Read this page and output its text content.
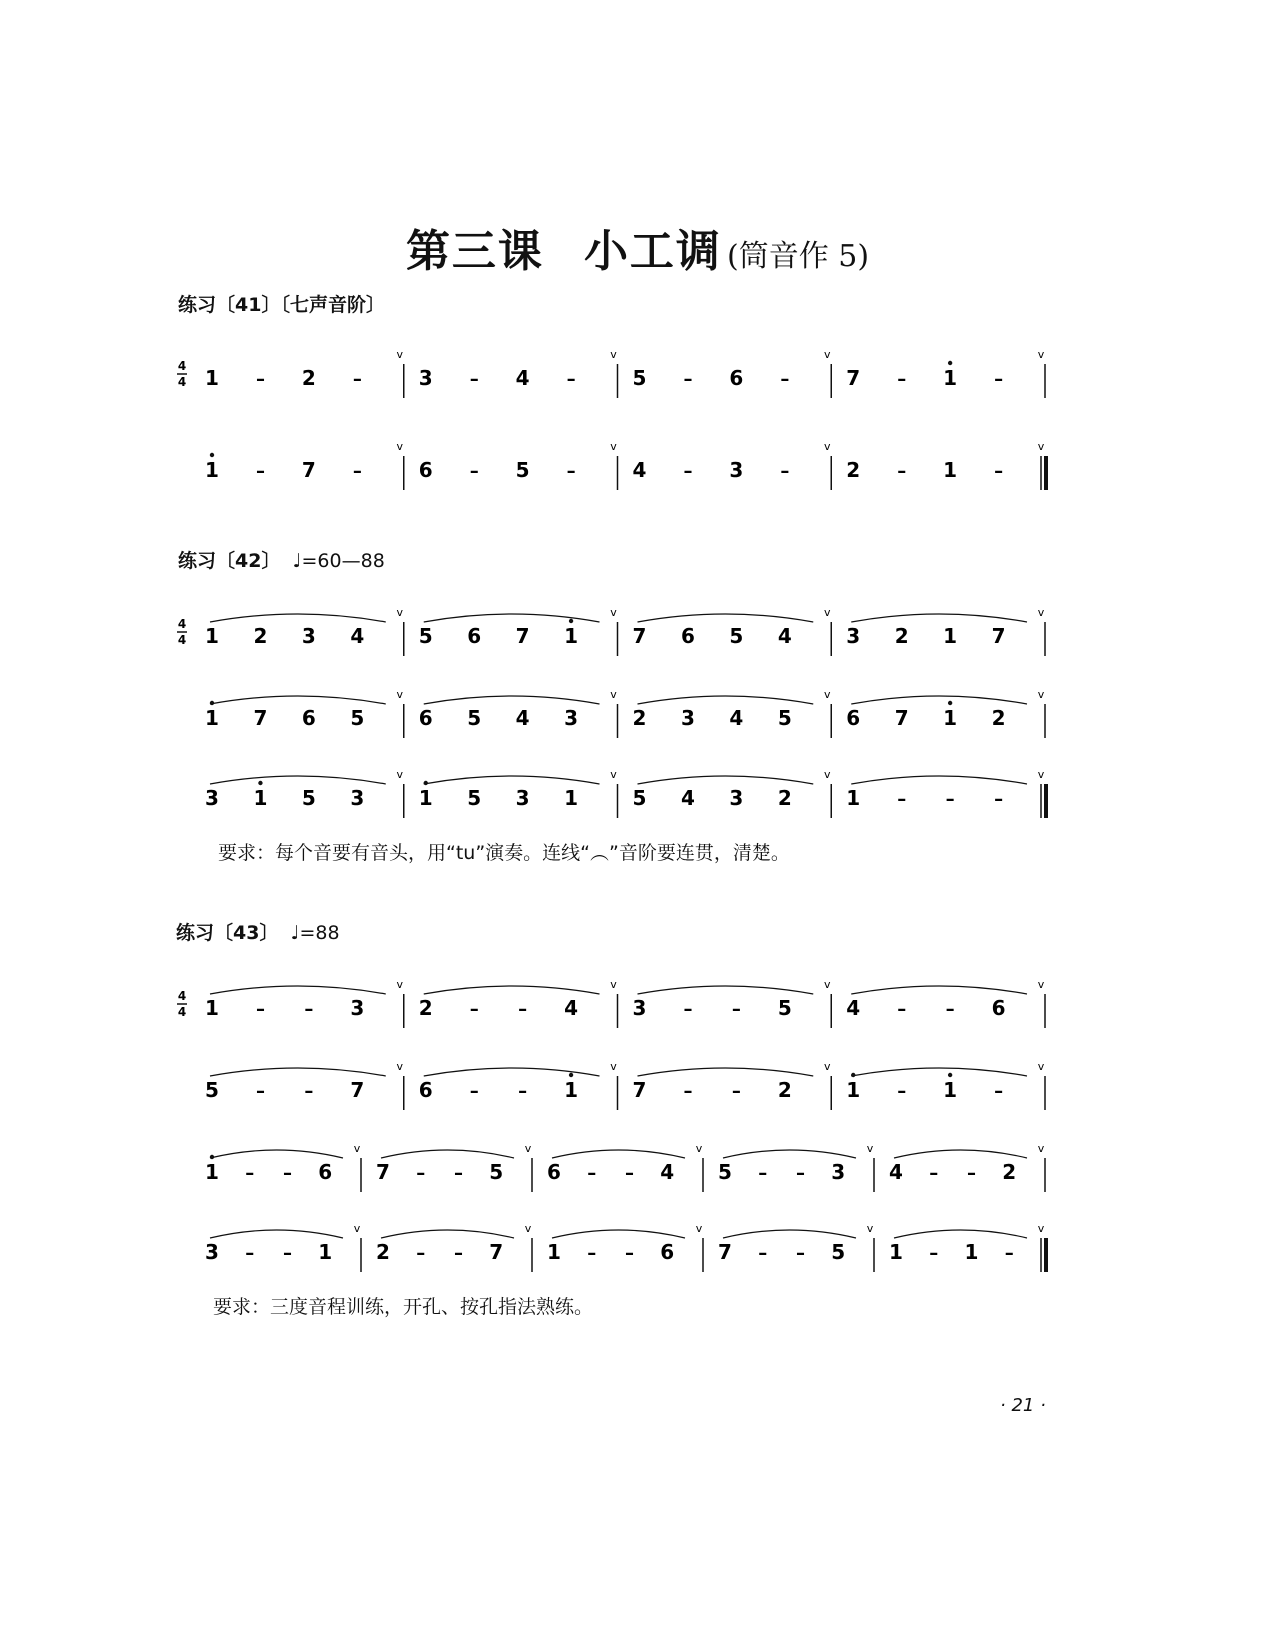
第三课 小工调 (筒音作 5)
练习〔41〕〔七声音阶〕
练习〔42〕 ♩=60—88
要求：每个音要有音头，用“tu”演奏。连线“︵”音阶要连贯，清楚。
练习〔43〕 ♩=88
要求：三度音程训练，开孔、按孔指法熟练。
· 21 ·
4
4 1 – 2 –
v
3 – 4 –
v
5 – 6 –
v
7 – 1 –
v
1 – 7 –
v
6 – 5 –
v
4 – 3 –
v
2 – 1 –
v
4
4 1 2 3 4
v
5 6 7 1
v
7 6 5 4
v
3 2 1 7
v
1 7 6 5
v
6 5 4 3
v
2 3 4 5
v
6 7 1 2
v
3 1 5 3
v
1 5 3 1
v
5 4 3 2
v
1 – – –
v
4
4 1 – – 3
v
2 – – 4
v
3 – – 5
v
4 – – 6
v
5 – – 7
v
6 – – 1
v
7 – – 2
v
1 – 1 –
v
1 – – 6
v
7 – – 5
v
6 – – 4
v
5 – – 3
v
4 – – 2
v
3 – – 1
v
2 – – 7
v
1 – – 6
v
7 – – 5
v
1 – 1 –
v
